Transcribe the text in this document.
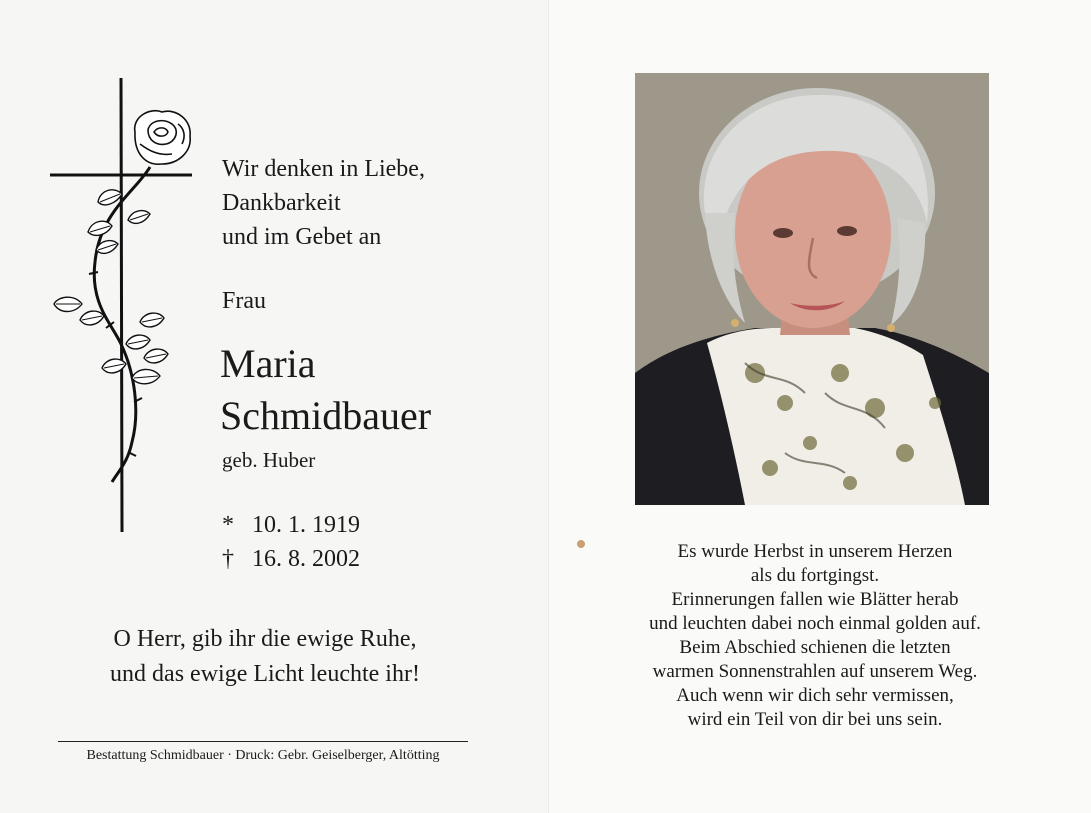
Wir denken in Liebe,
Dankbarkeit
und im Gebet an
Frau
Maria
Schmidbauer
geb. Huber
* 10. 1. 1919
† 16. 8. 2002
O Herr, gib ihr die ewige Ruhe,
und das ewige Licht leuchte ihr!
Bestattung Schmidbauer · Druck: Gebr. Geiselberger, Altötting
Es wurde Herbst in unserem Herzen
als du fortgingst.
Erinnerungen fallen wie Blätter herab
und leuchten dabei noch einmal golden auf.
Beim Abschied schienen die letzten
warmen Sonnenstrahlen auf unserem Weg.
Auch wenn wir dich sehr vermissen,
wird ein Teil von dir bei uns sein.
